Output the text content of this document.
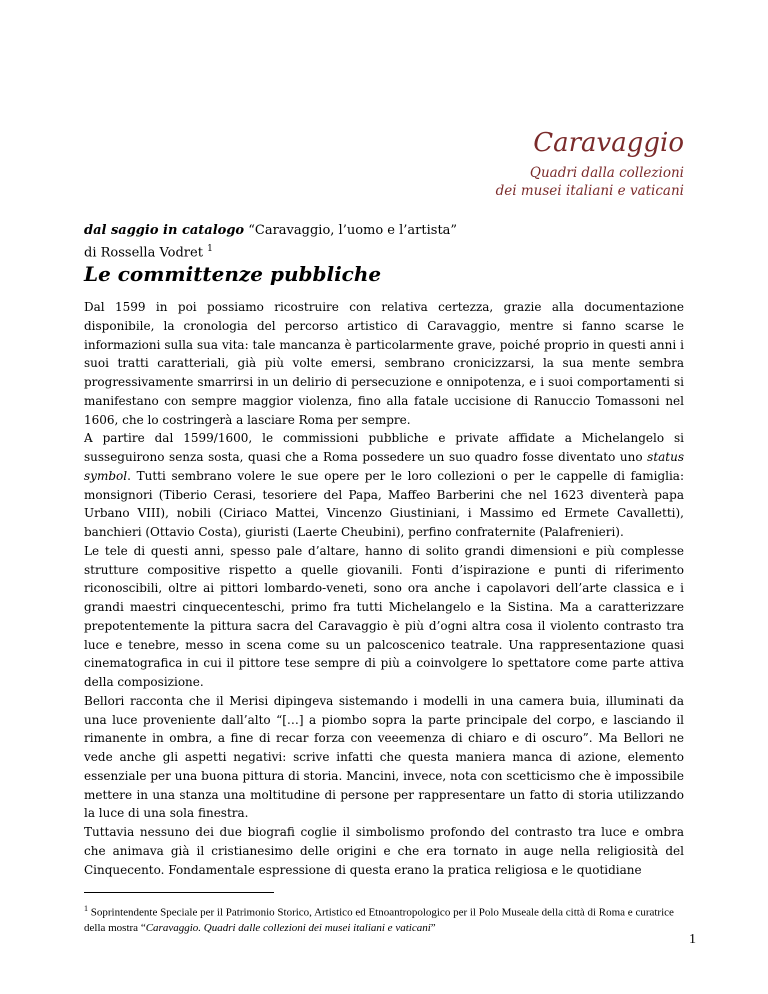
Caravaggio
Quadri dalla collezioni
dei musei italiani e vaticani
dal saggio in catalogo “Caravaggio, l’uomo e l’artista”
di Rossella Vodret $^1$
Le committenze pubbliche

Dal 1599 in poi possiamo ricostruire con relativa certezza, grazie alla documentazione disponibile, la cronologia del percorso artistico di Caravaggio, mentre si fanno scarse le informazioni sulla sua vita: tale mancanza è particolarmente grave, poiché proprio in questi anni i suoi tratti caratteriali, già più volte emersi, sembrano cronicizzarsi, la sua mente sembra progressivamente smarrirsi in un delirio di persecuzione e onnipotenza, e i suoi comportamenti si manifestano con sempre maggior violenza, fino alla fatale uccisione di Ranuccio Tomassoni nel 1606, che lo costringerà a lasciare Roma per sempre.

A partire dal 1599/1600, le commissioni pubbliche e private affidate a Michelangelo si susseguirono senza sosta, quasi che a Roma possedere un suo quadro fosse diventato uno status symbol. Tutti sembrano volere le sue opere per le loro collezioni o per le cappelle di famiglia: monsignori (Tiberio Cerasi, tesoriere del Papa, Maffeo Barberini che nel 1623 diventerà papa Urbano VIII), nobili (Ciriaco Mattei, Vincenzo Giustiniani, i Massimo ed Ermete Cavalletti), banchieri (Ottavio Costa), giuristi (Laerte Cheubini), perfino confraternite (Palafrenieri).

Le tele di questi anni, spesso pale d’altare, hanno di solito grandi dimensioni e più complesse strutture compositive rispetto a quelle giovanili. Fonti d’ispirazione e punti di riferimento riconoscibili, oltre ai pittori lombardo-veneti, sono ora anche i capolavori dell’arte classica e i grandi maestri cinquecenteschi, primo fra tutti Michelangelo e la Sistina. Ma a caratterizzare prepotentemente la pittura sacra del Caravaggio è più d’ogni altra cosa il violento contrasto tra luce e tenebre, messo in scena come su un palcoscenico teatrale. Una rappresentazione quasi cinematografica in cui il pittore tese sempre di più a coinvolgere lo spettatore come parte attiva della composizione.

Bellori racconta che il Merisi dipingeva sistemando i modelli in una camera buia, illuminati da una luce proveniente dall’alto “[…] a piombo sopra la parte principale del corpo, e lasciando il rimanente in ombra, a fine di recar forza con veeemenza di chiaro e di oscuro”. Ma Bellori ne vede anche gli aspetti negativi: scrive infatti che questa maniera manca di azione, elemento essenziale per una buona pittura di storia. Mancini, invece, nota con scetticismo che è impossibile mettere in una stanza una moltitudine di persone per rappresentare un fatto di storia utilizzando la luce di una sola finestra.

Tuttavia nessuno dei due biografi coglie il simbolismo profondo del contrasto tra luce e ombra che animava già il cristianesimo delle origini e che era tornato in auge nella religiosità del Cinquecento. Fondamentale espressione di questa erano la pratica religiosa e le quotidiane

$^1$ Soprintendente Speciale per il Patrimonio Storico, Artistico ed Etnoantropologico per il Polo Museale della città di Roma e curatrice della mostra “Caravaggio. Quadri dalle collezioni dei musei italiani e vaticani”
1
